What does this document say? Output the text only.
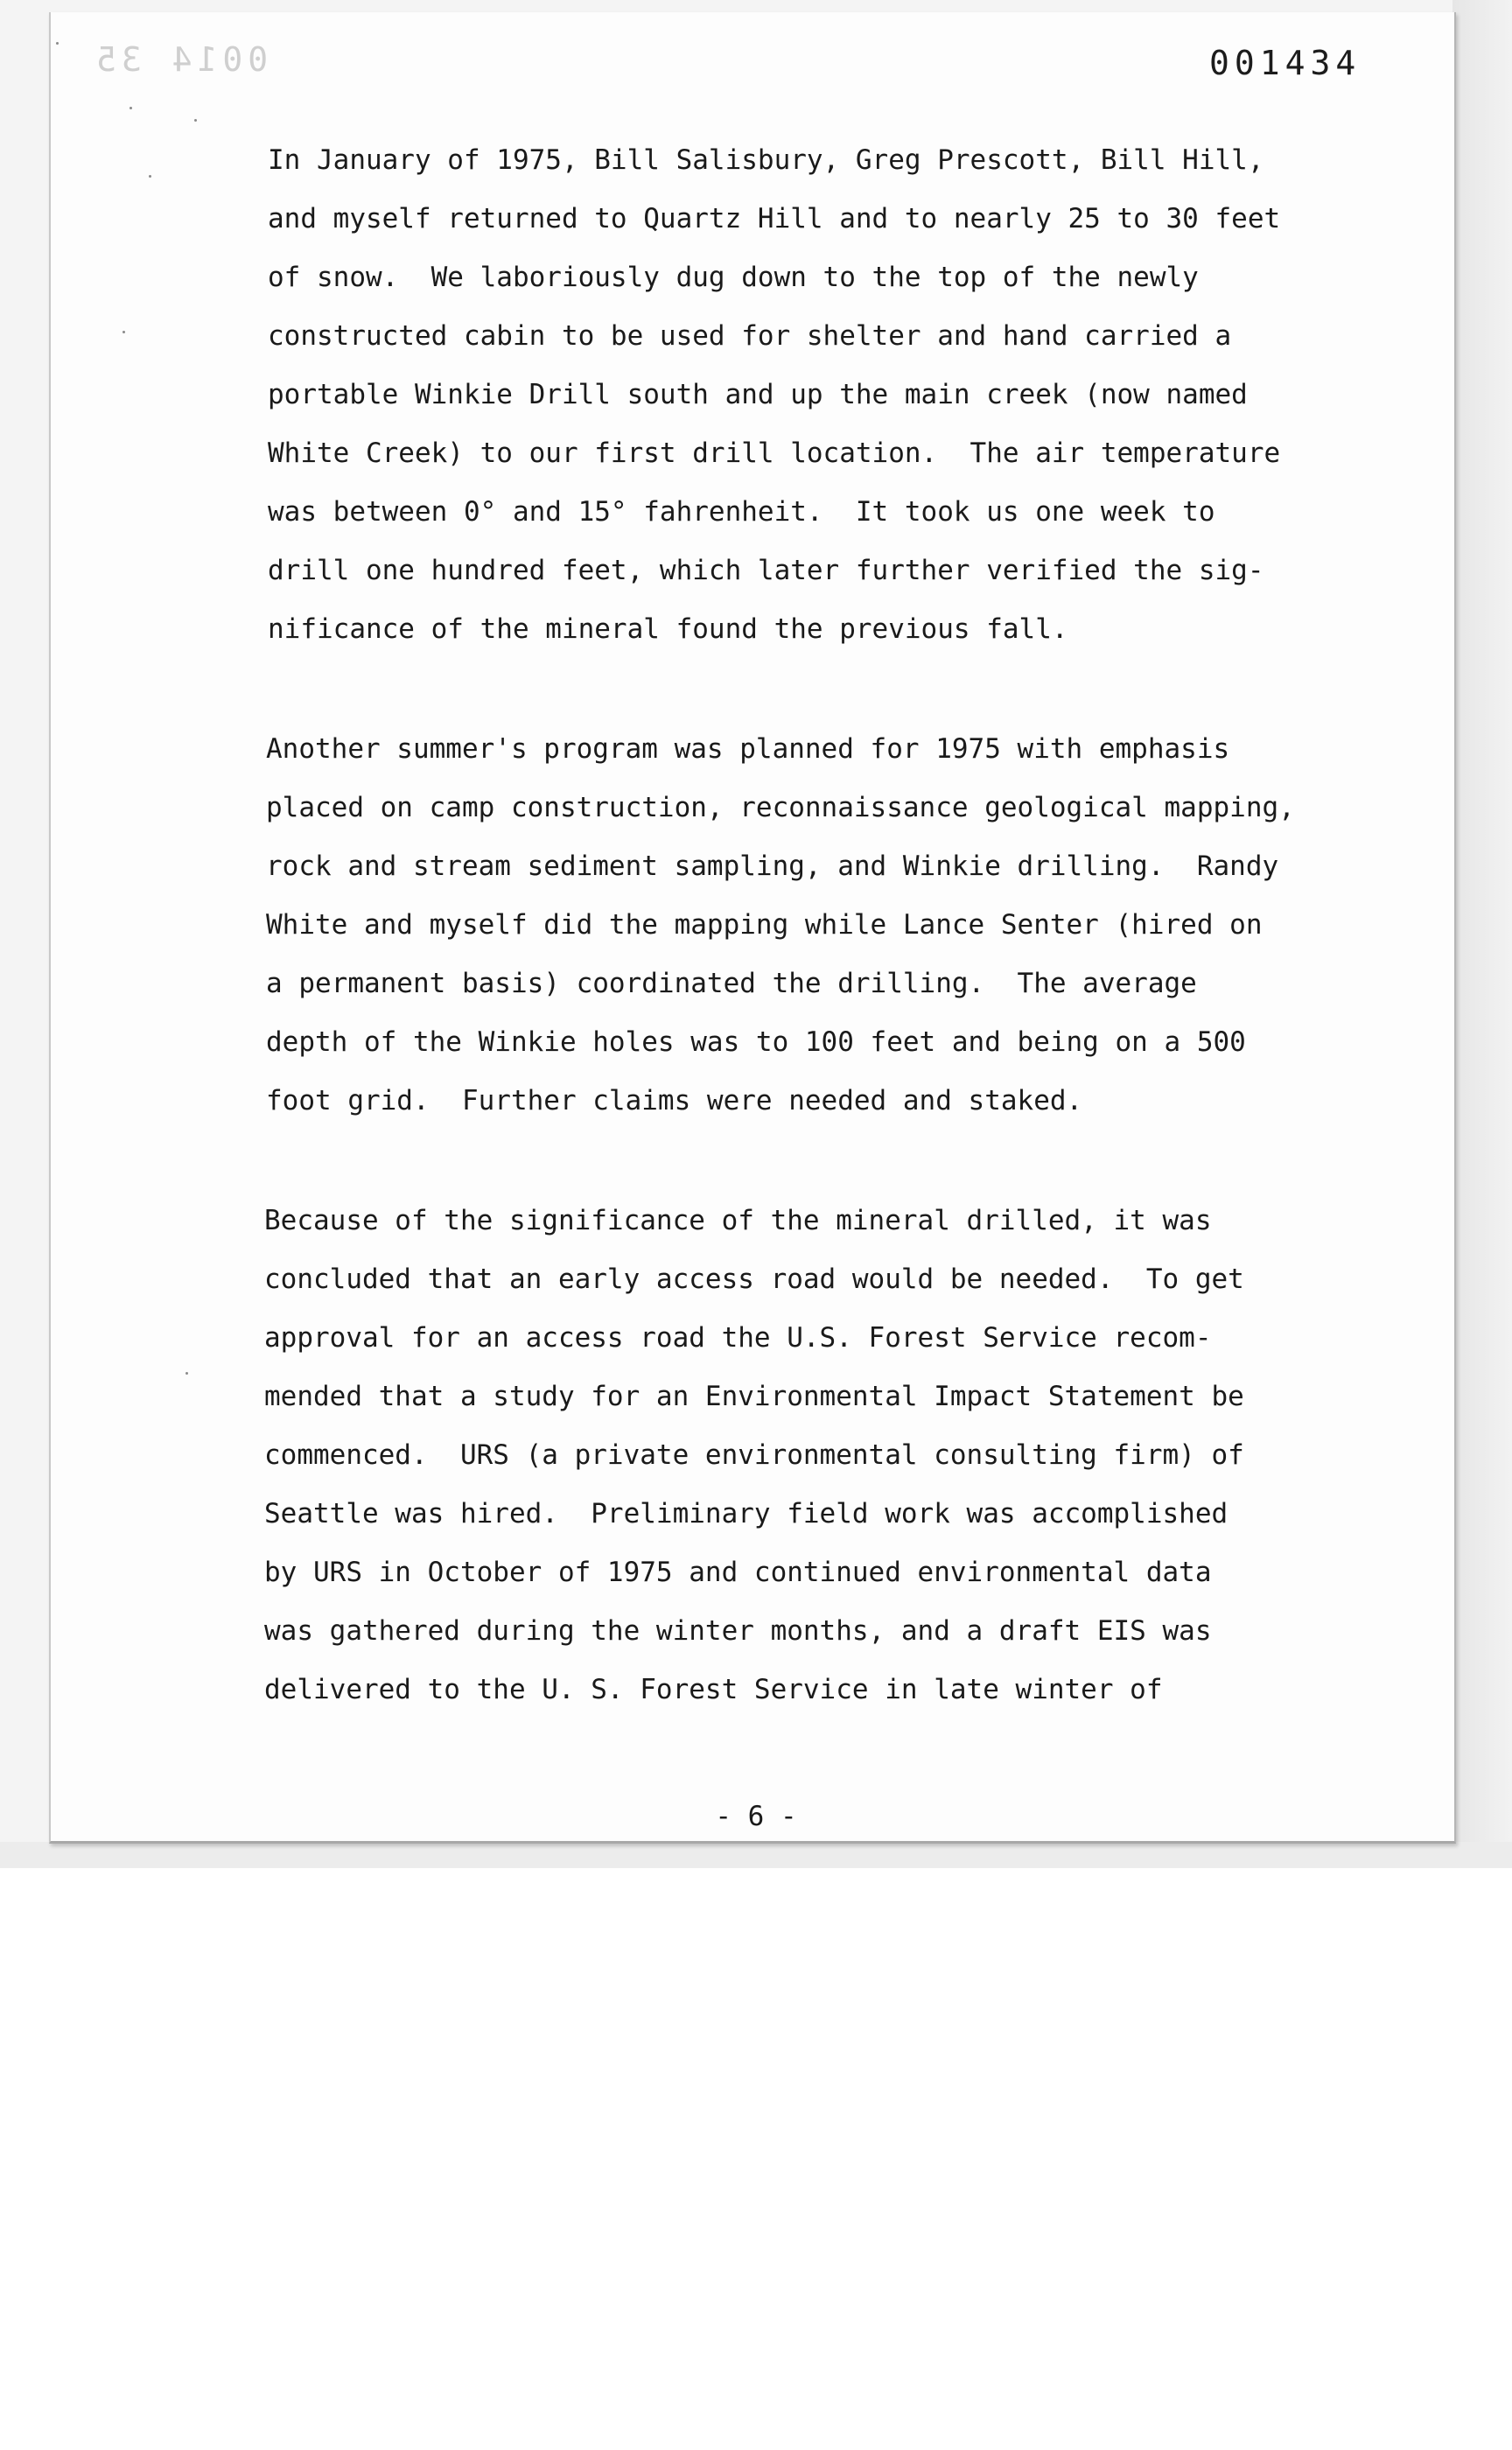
0014 35	001434
In January of 1975, Bill Salisbury, Greg Prescott, Bill Hill,
and myself returned to Quartz Hill and to nearly 25 to 30 feet
of snow.  We laboriously dug down to the top of the newly
constructed cabin to be used for shelter and hand carried a
portable Winkie Drill south and up the main creek (now named
White Creek) to our first drill location.  The air temperature
was between 0° and 15° fahrenheit.  It took us one week to
drill one hundred feet, which later further verified the sig-
nificance of the mineral found the previous fall.
Another summer's program was planned for 1975 with emphasis
placed on camp construction, reconnaissance geological mapping,
rock and stream sediment sampling, and Winkie drilling.  Randy
White and myself did the mapping while Lance Senter (hired on
a permanent basis) coordinated the drilling.  The average
depth of the Winkie holes was to 100 feet and being on a 500
foot grid.  Further claims were needed and staked.
Because of the significance of the mineral drilled, it was
concluded that an early access road would be needed.  To get
approval for an access road the U.S. Forest Service recom-
mended that a study for an Environmental Impact Statement be
commenced.  URS (a private environmental consulting firm) of
Seattle was hired.  Preliminary field work was accomplished
by URS in October of 1975 and continued environmental data
was gathered during the winter months, and a draft EIS was
delivered to the U. S. Forest Service in late winter of
- 6 -
